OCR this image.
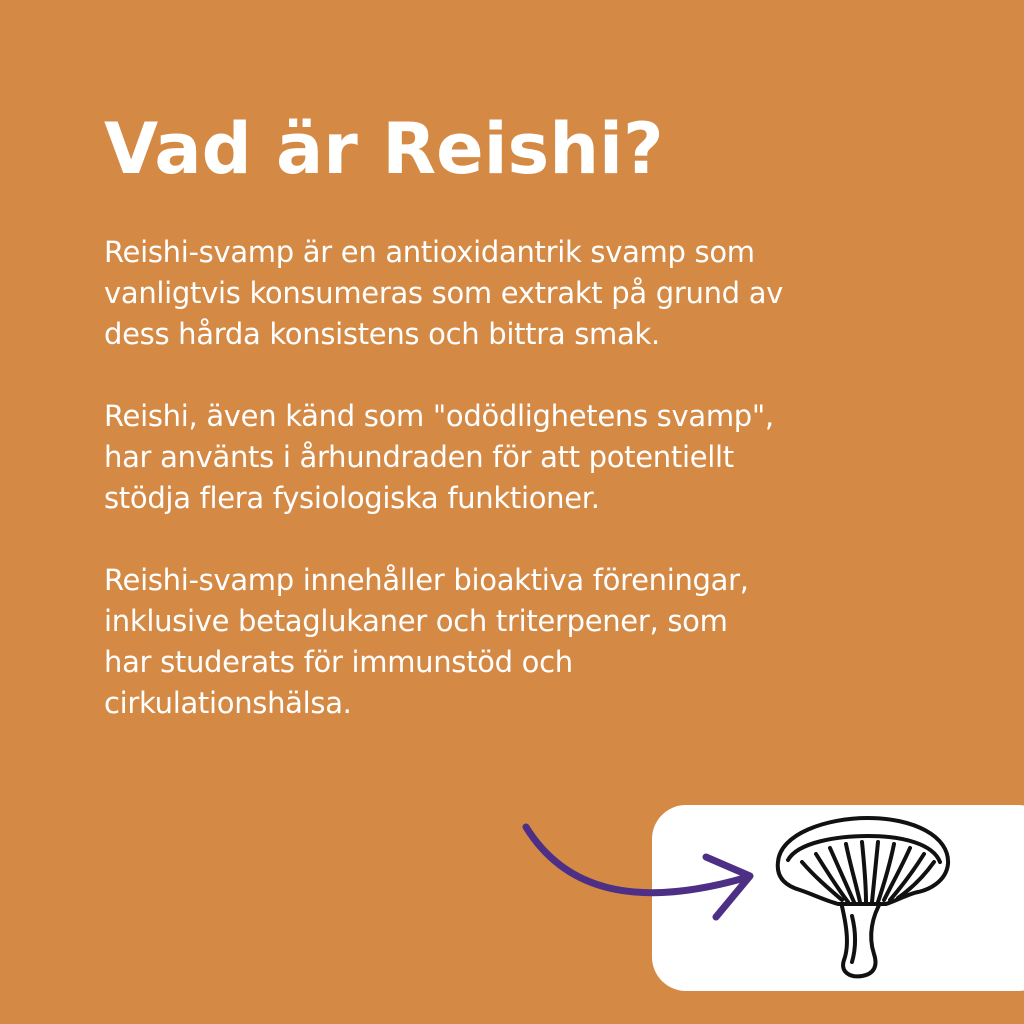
Vad är Reishi?

Reishi-svamp är en antioxidantrik svamp som
vanligtvis konsumeras som extrakt på grund av
dess hårda konsistens och bittra smak.

Reishi, även känd som "odödlighetens svamp",
har använts i århundraden för att potentiellt
stödja flera fysiologiska funktioner.

Reishi-svamp innehåller bioaktiva föreningar,
inklusive betaglukaner och triterpener, som
har studerats för immunstöd och
cirkulationshälsa.
